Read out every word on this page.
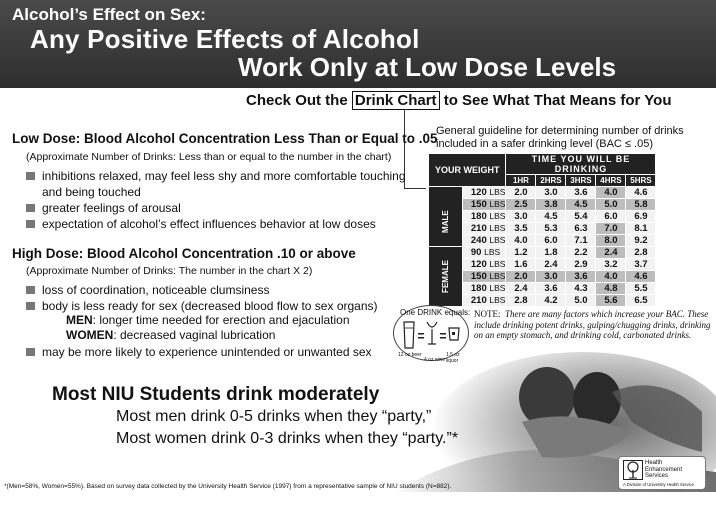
Alcohol’s Effect on Sex:
Any Positive Effects of Alcohol
Work Only at Low Dose Levels
Check Out the Drink Chart to See What That Means for You
Low Dose: Blood Alcohol Concentration Less Than or Equal to .05
(Approximate Number of Drinks: Less than or equal to the number in the chart)
inhibitions relaxed, may feel less shy and more comfortable touching
and being touched
greater feelings of arousal
expectation of alcohol’s effect influences behavior at low doses
High Dose: Blood Alcohol Concentration .10 or above
(Approximate Number of Drinks: The number in the chart X 2)
loss of coordination, noticeable clumsiness
body is less ready for sex (decreased blood flow to sex organs)
MEN: longer time needed for erection and ejaculation
WOMEN: decreased vaginal lubrication
may be more likely to experience unintended or unwanted sex
General guideline for determining number of drinks
included in a safer drinking level (BAC ≤ .05)
YOUR WEIGHT		TIME YOU WILL BE DRINKING				
		1HR	2HRS	3HRS	4HRS	5HRS

MALE	120 LBS	2.0	3.0	3.6	4.0	4.6
	150 LBS	2.5	3.8	4.5	5.0	5.8
	180 LBS	3.0	4.5	5.4	6.0	6.9
	210 LBS	3.5	5.3	6.3	7.0	8.1
	240 LBS	4.0	6.0	7.1	8.0	9.2

FEMALE	90 LBS	1.2	1.8	2.2	2.4	2.8
	120 LBS	1.6	2.4	2.9	3.2	3.7
	150 LBS	2.0	3.0	3.6	4.0	4.6
	180 LBS	2.4	3.6	4.3	4.8	5.5
	210 LBS	2.8	4.2	5.0	5.6	6.5
One DRINK equals:
12 oz beer
4 oz wine
1.5 oz liquor
NOTE: There are many factors which increase your BAC. These include drinking potent drinks, gulping/chugging drinks, drinking on an empty stomach, and drinking cold, carbonated drinks.
Most NIU Students drink moderately
Most men drink 0-5 drinks when they “party,”
Most women drink 0-3 drinks when they “party.”*
*(Men=58%, Women=55%). Based on survey data collected by the University Health Service (1997) from a representative sample of NIU students (N=882).
Health
Enhancement
Services
A Division of University Health Service
